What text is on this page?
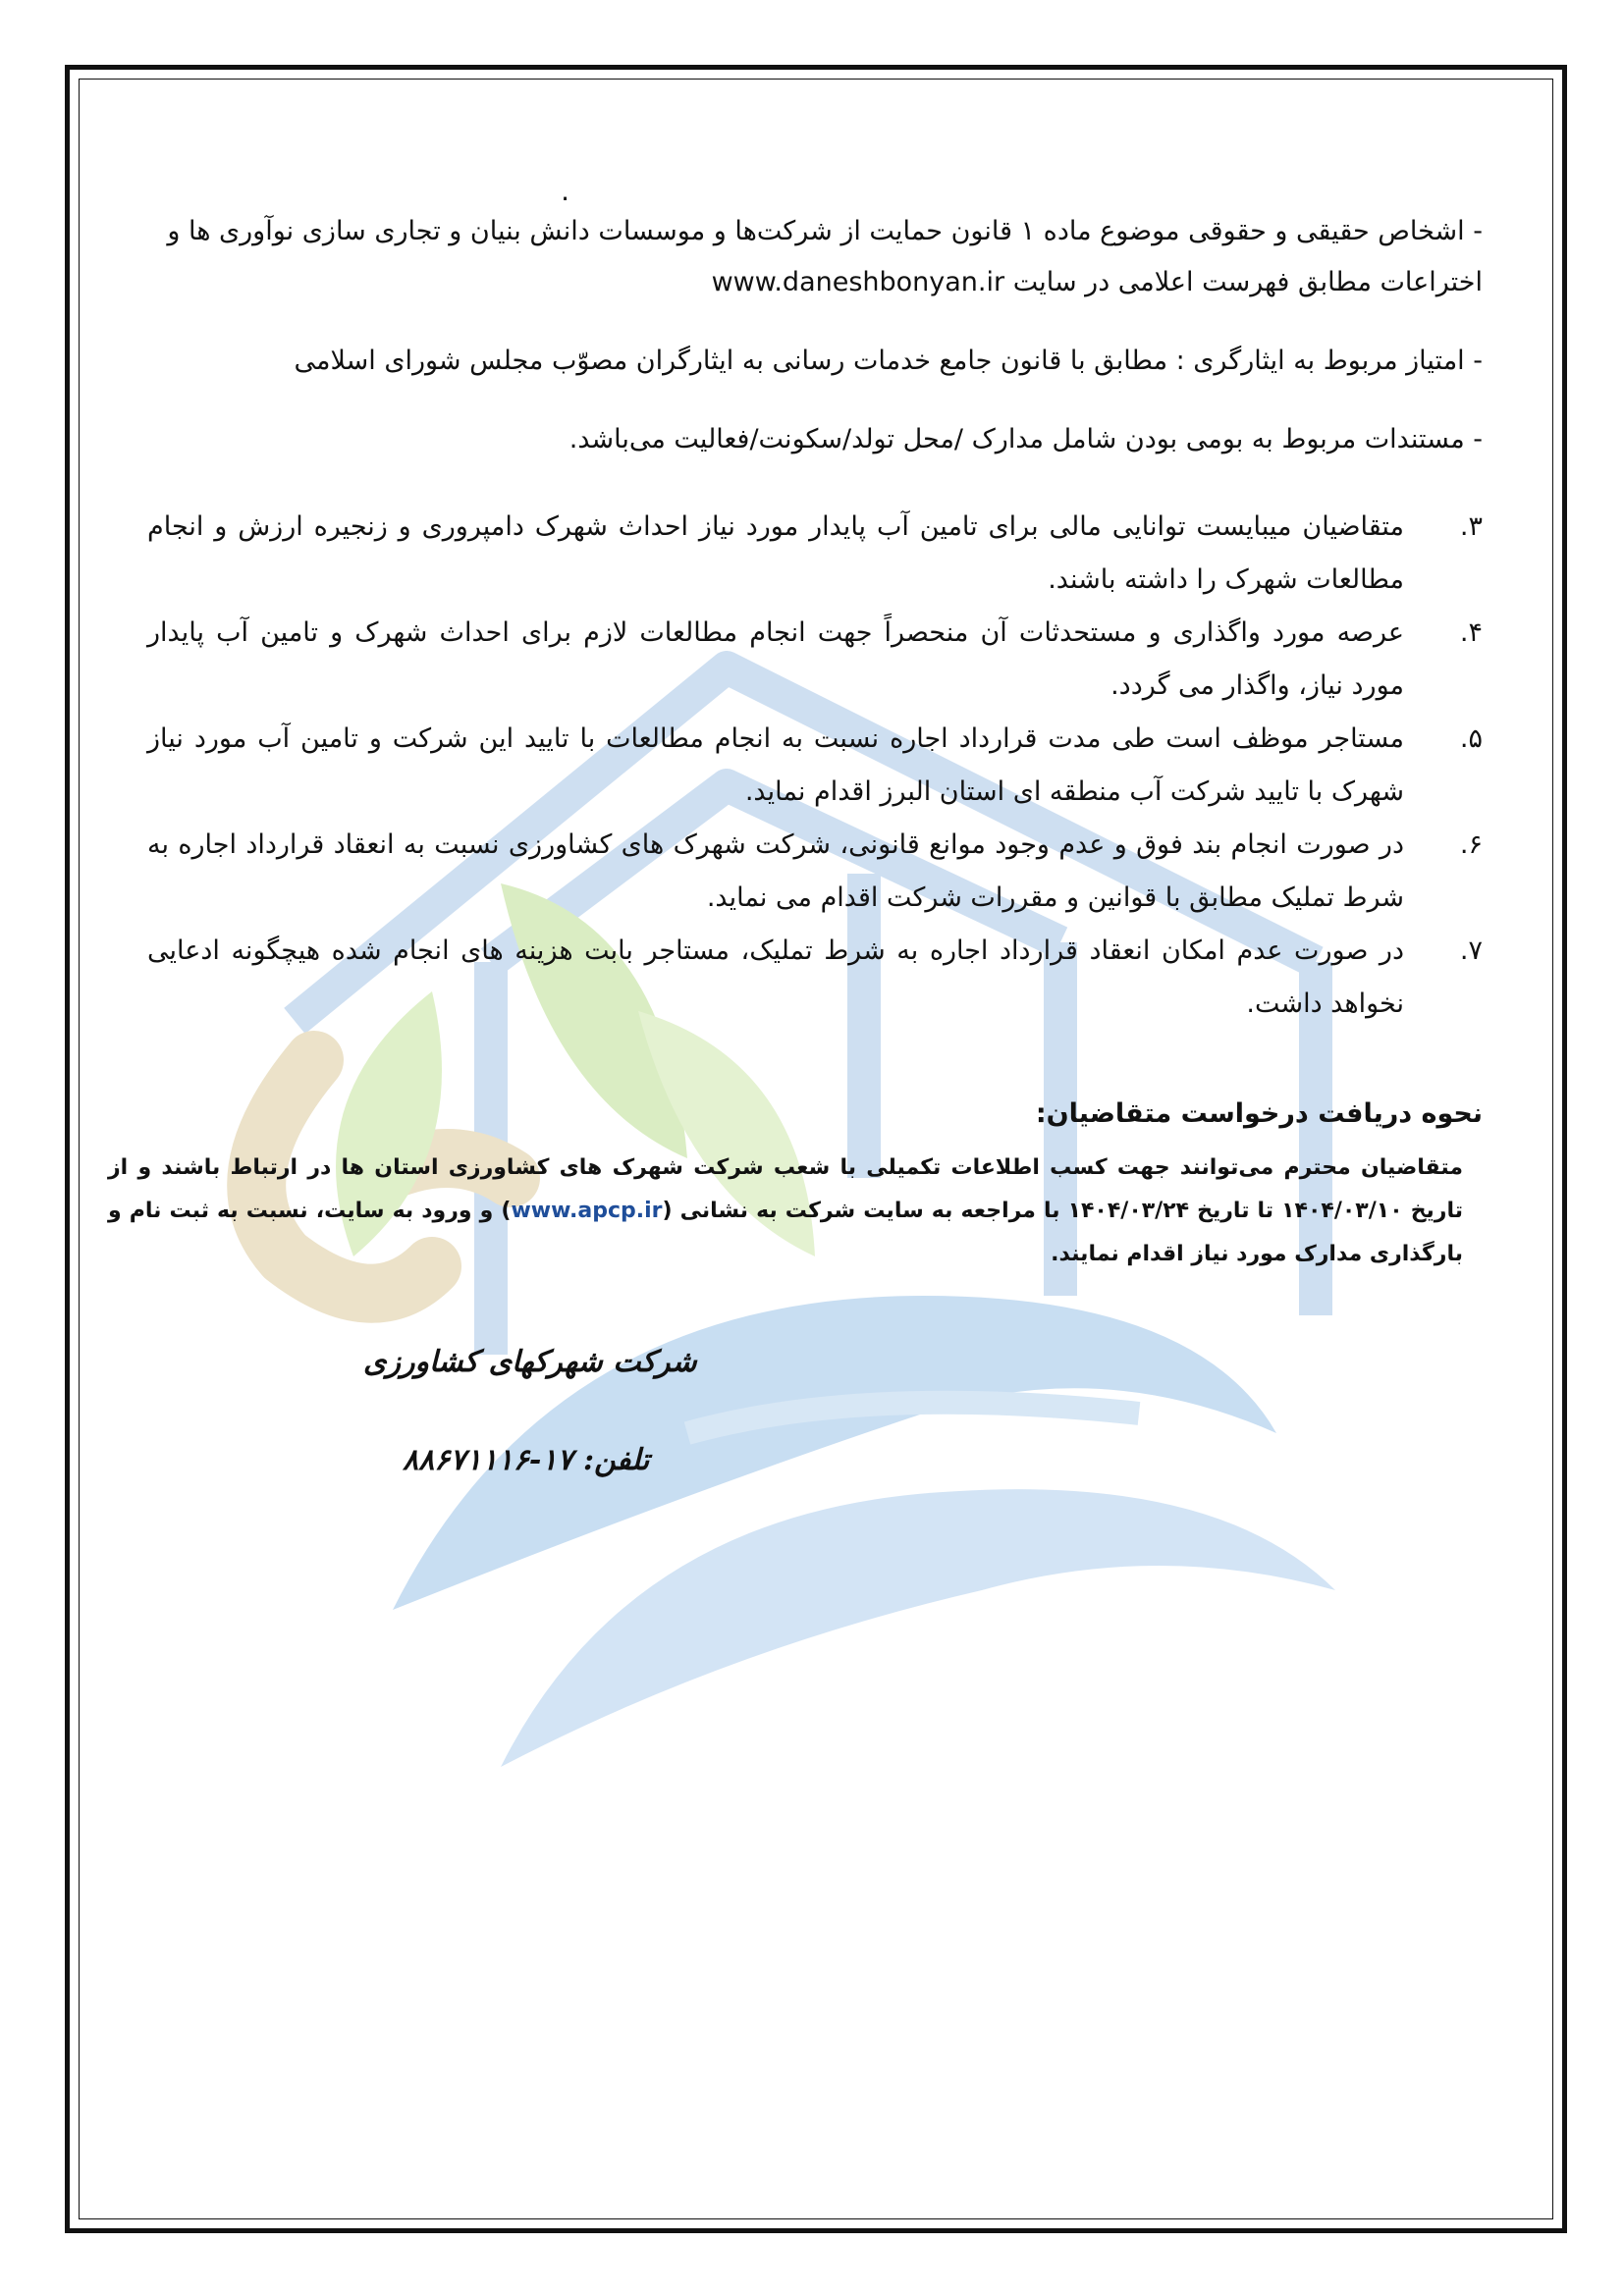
.

- اشخاص حقیقی و حقوقی موضوع ماده ۱ قانون حمایت از شرکت‌ها و موسسات دانش بنیان و تجاری سازی نوآوری ها و اختراعات مطابق فهرست اعلامی در سایت www.daneshbonyan.ir

- امتیاز مربوط به ایثارگری : مطابق با قانون جامع خدمات رسانی به ایثارگران مصوّب مجلس شورای اسلامی

- مستندات مربوط به بومی بودن شامل مدارک /محل تولد/سکونت/فعالیت می‌باشد.

۳.
متقاضیان میبایست توانایی مالی برای تامین آب پایدار مورد نیاز احداث شهرک دامپروری و زنجیره ارزش و انجام مطالعات شهرک را داشته باشند.
۴.
عرصه مورد واگذاری و مستحدثات آن منحصراً جهت انجام مطالعات لازم برای احداث شهرک و تامین آب پایدار مورد نیاز، واگذار می گردد.
۵.
مستاجر موظف است طی مدت قرارداد اجاره نسبت به انجام مطالعات با تایید این شرکت و تامین آب مورد نیاز شهرک با تایید شرکت آب منطقه ای استان البرز اقدام نماید.
۶.
در صورت انجام بند فوق و عدم وجود موانع قانونی، شرکت شهرک های کشاورزی نسبت به انعقاد قرارداد اجاره به شرط تملیک مطابق با قوانین و مقررات شرکت اقدام می نماید.
۷.
در صورت عدم امکان انعقاد قرارداد اجاره به شرط تملیک، مستاجر بابت هزینه های انجام شده هیچگونه ادعایی نخواهد داشت.
نحوه دریافت درخواست متقاضیان:
متقاضیان محترم می‌توانند جهت کسب اطلاعات تکمیلی با شعب شرکت شهرک های کشاورزی استان ها در ارتباط باشند و از تاریخ ۱۴۰۴/۰۳/۱۰ تا تاریخ ۱۴۰۴/۰۳/۲۴ با مراجعه به سایت شرکت به نشانی (www.apcp.ir) و ورود به سایت، نسبت به ثبت نام و بارگذاری مدارک مورد نیاز اقدام نمایند.
شرکت شهرکهای کشاورزی
تلفن: ۱۷-۸۸۶۷۱۱۱۶
